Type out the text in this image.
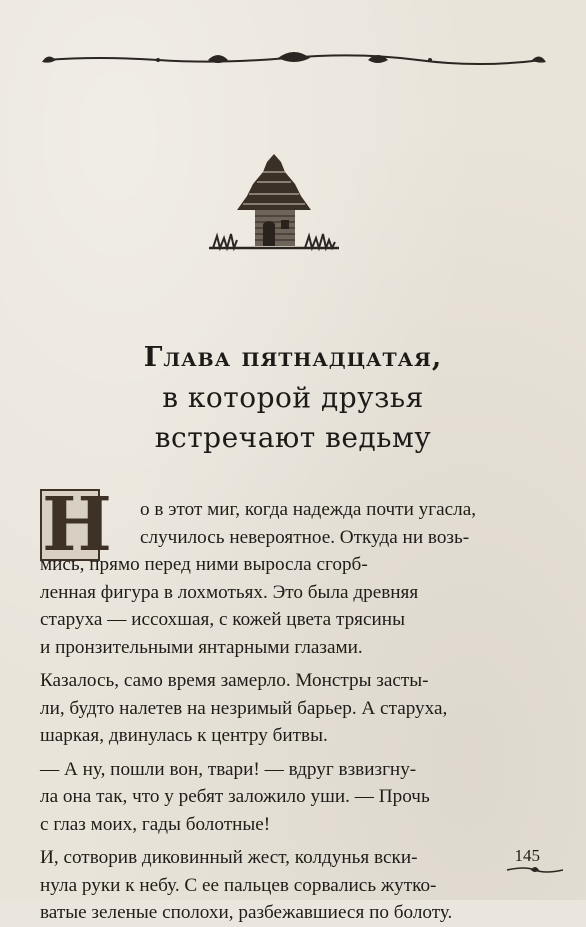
Глава пятнадцатая,
в которой друзья
встречают ведьму
Н	о в этот миг, когда надежда почти угасла,
случилось невероятное. Откуда ни возь-
мись, прямо перед ними выросла сгорб-
ленная фигура в лохмотьях. Это была древняя
старуха — иссохшая, с кожей цвета трясины
и пронзительными янтарными глазами.
Казалось, само время замерло. Монстры засты-
ли, будто налетев на незримый барьер. А старуха,
шаркая, двинулась к центру битвы.
— А ну, пошли вон, твари! — вдруг взвизгну-
ла она так, что у ребят заложило уши. — Прочь
с глаз моих, гады болотные!
И, сотворив диковинный жест, колдунья вски-
нула руки к небу. С ее пальцев сорвались жутко-
ватые зеленые сполохи, разбежавшиеся по болоту.
145
